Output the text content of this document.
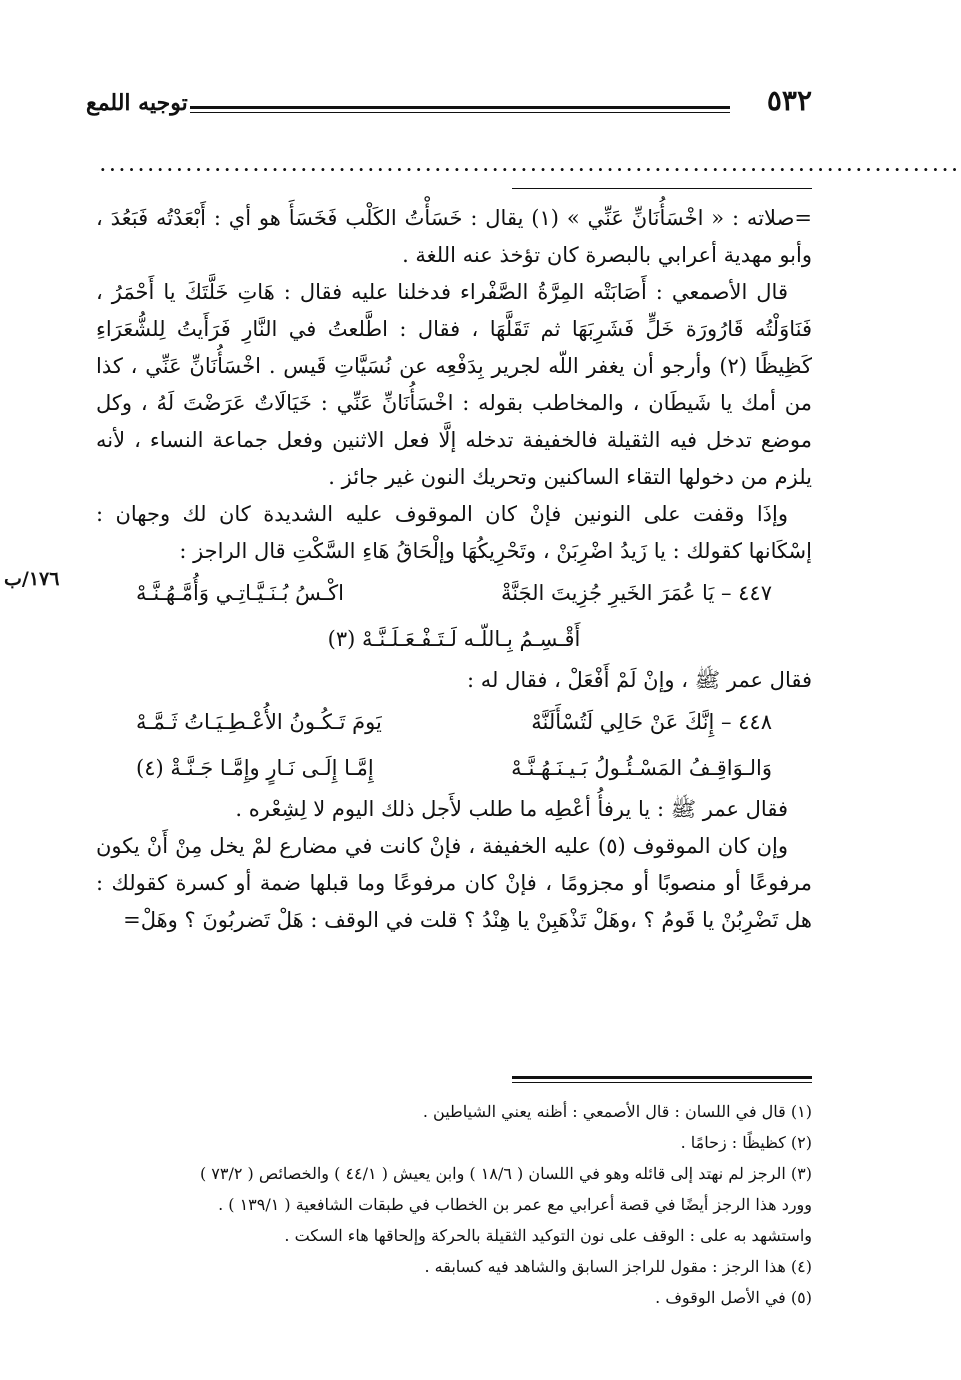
توجيه اللمع	٥٣٢
..........................................................................................
١٧٦/ب

=صلاته : « اخْسَأُنَانِّ عَنِّي » (١) يقال : خَسَأْتُ الكَلْب فَخَسَأَ هو أي : أَبْعَدْتُه فَبَعُدَ ، وأبو مهدية أعرابي بالبصرة كان تؤخذ عنه اللغة .

قال الأصمعي : أَصَابَتْه المِرَّةُ الصَّفْراء فدخلنا عليه فقال : هَاتِ خَلَّتَكَ يا أَحْمَرُ ، فَنَاوَلْتُه قَارُورَة خَلٍّ فَشَرِبَهَا ثم تَقَلَّهَا ، فقال : اطَّلعتُ في النَّارِ فَرَأَيتُ لِلشُّعَرَاءِ كَظِيظًا (٢) وأرجو أن يغفر اللّه لجرير بِدَفْعِه عن نُسَيَّاتِ قَيس . اخْسَأُنَانِّ عَنِّي ، كذا من أمك يا شَيطَان ، والمخاطب بقوله : اخْسَأُنَانِّ عَنِّي : خَيَالَاتٌ عَرَضْتَ لَهُ ، وكل موضع تدخل فيه الثقيلة فالخفيفة تدخله إلَّا فعل الاثنين وفعل جماعة النساء ، لأنه يلزم من دخولها التقاء الساكنين وتحريك النون غير جائز .

وإذَا وقفت على النونين فإنْ كان الموقوف عليه الشديدة كان لك وجهان : إسْكَانها كقولك : يا زَيدُ اضْرِبَنْ ، وتَحْرِيكُهَا وإلْحَاقُ هَاءِ السَّكْتِ قال الراجز :

٤٤٧ – يَا عُمَرَ الخَيرِ جُزِيتَ الجَنَّةْ
اكْـسُ بُـنَـيَّـاتِـي وَأُمَّـهُـنَّـهْ
أَقْـسِـمُ بِـاللّـه لَـتَـفْـعَـلَـنَّـهْ (٣)

فقال عمر ﷺ ، وإنْ لَمْ أَفْعَلْ ، فقال له :

٤٤٨ – إِنَّكَ عَنْ حَالِي لَتُسْأَلَنَّهْ
يَومَ تَـكُـونُ الأُعْـطِـيَـاتُ ثَـمَّـهْ
وَالـوَاقِـفُ المَسْـئُـولُ بَـيـنَـهُـنَّـهْ
إِمَّـا إِلَـى نَـارٍ وإِمَّـا جَـنَّـةْ (٤)

فقال عمر ﷺ : يا يرفأُ أعْطِه ما طلب لأَجل ذلك اليوم لا لِشِعْره .

وإن كان الموقوف (٥) عليه الخفيفة ، فإنْ كانت في مضارع لمْ يخل مِنْ أَنْ يكون مرفوعًا أو منصوبًا أو مجزومًا ، فإنْ كان مرفوعًا وما قبلها ضمة أو كسرة كقولك : هل تَضْرِبُنْ يا قَومُ ؟ ،وهَلْ تَذْهَبِنْ يا هِنْدُ ؟ قلت في الوقف : هَلْ تَضربُونَ ؟ وهَلْ=

(١) قال في اللسان : قال الأصمعي : أظنه يعني الشياطين .
(٢) كظيظًا : زحامًا .
(٣) الرجز لم نهتد إلى قائله وهو في اللسان ( ١٨/٦ ) وابن يعيش ( ٤٤/١ ) والخصائص ( ٧٣/٢ )
وورد هذا الرجز أيضًا في قصة أعرابي مع عمر بن الخطاب في طبقات الشافعية ( ١٣٩/١ ) .
واستشهد به على : الوقف على نون التوكيد الثقيلة بالحركة وإلحاقها هاء السكت .
(٤) هذا الرجز : مقول للراجز السابق والشاهد فيه كسابقه .
(٥) في الأصل الوقوف .
